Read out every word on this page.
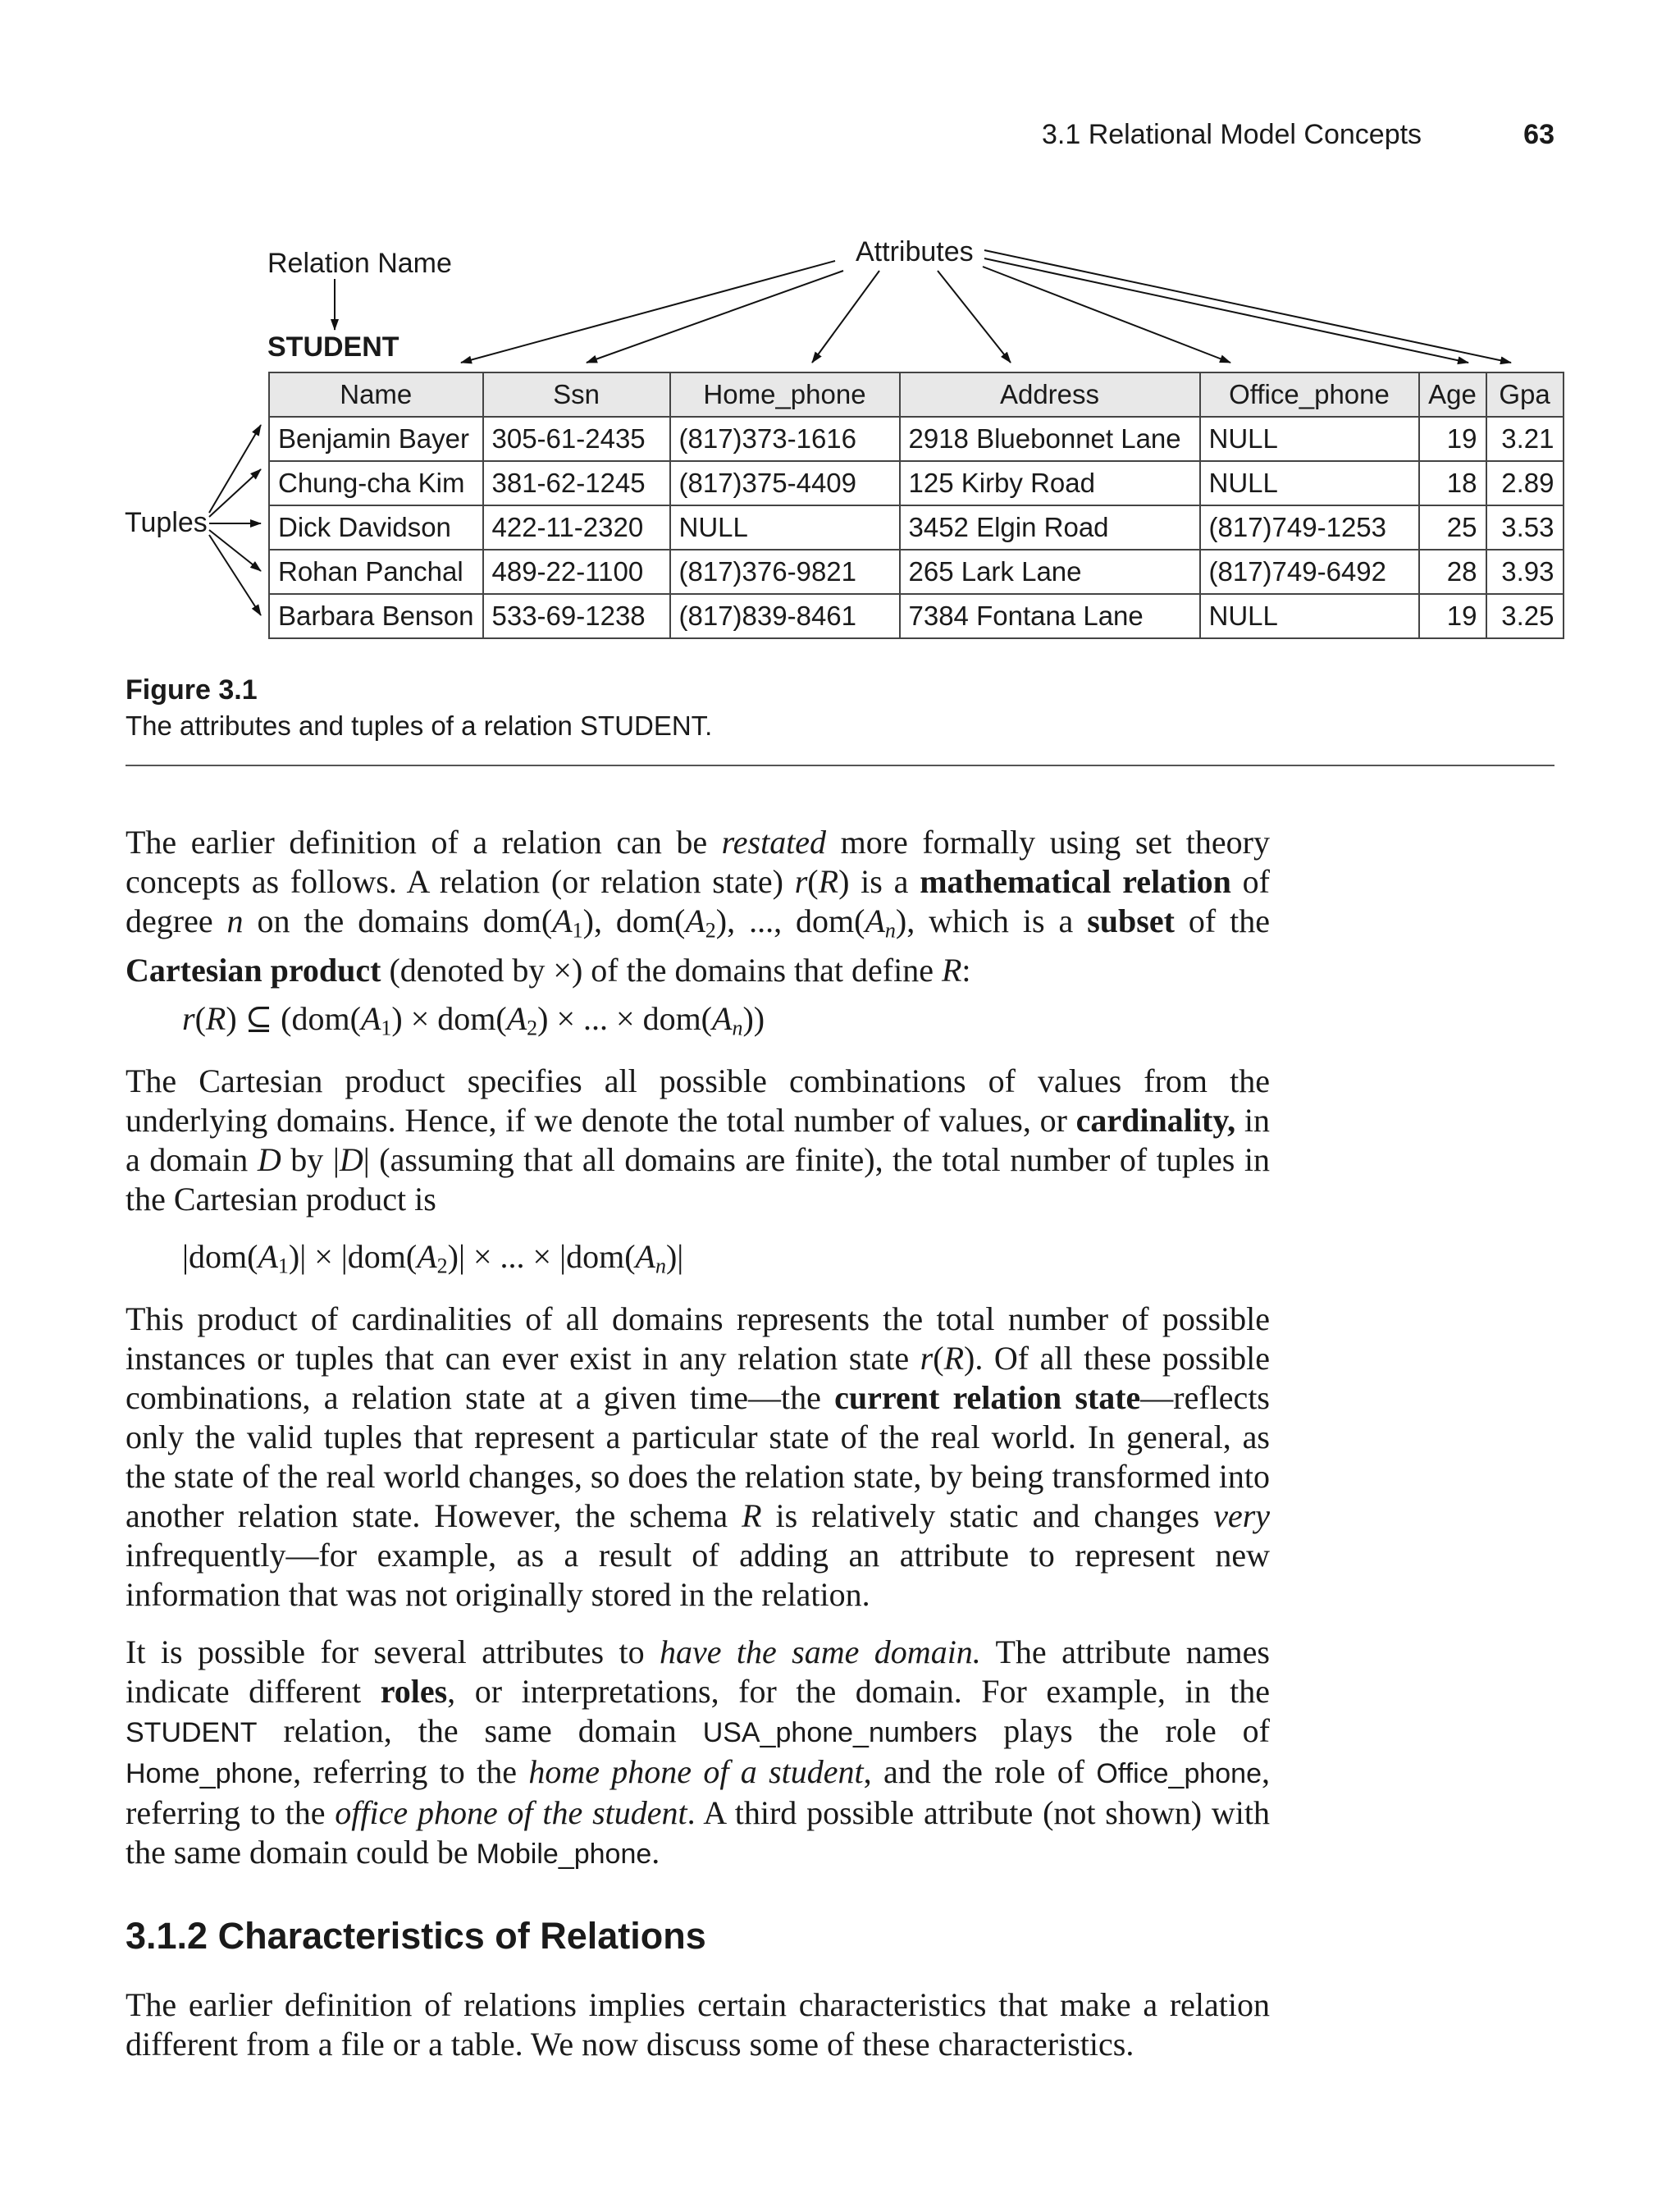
3.1 Relational Model Concepts	63
Relation Name
STUDENT
Attributes
Tuples
Name	Ssn	Home_phone	Address	Office_phone	Age	Gpa
Benjamin Bayer	305-61-2435	(817)373-1616	2918 Bluebonnet Lane	NULL	19	3.21
Chung-cha Kim	381-62-1245	(817)375-4409	125 Kirby Road	NULL	18	2.89
Dick Davidson	422-11-2320	NULL	3452 Elgin Road	(817)749-1253	25	3.53
Rohan Panchal	489-22-1100	(817)376-9821	265 Lark Lane	(817)749-6492	28	3.93
Barbara Benson	533-69-1238	(817)839-8461	7384 Fontana Lane	NULL	19	3.25
Figure 3.1
The attributes and tuples of a relation STUDENT.

The earlier definition of a relation can be restated more formally using set theory concepts as follows. A relation (or relation state) r(R) is a mathematical relation of degree n on the domains $dom(A_1)$, $dom(A_2)$, ..., $dom(A_n)$, which is a subset of the Cartesian product (denoted by ×) of the domains that define R:

r(R) ⊆ ($dom(A_1) \times dom(A_2)$ × ... × $dom(A_n)$)

The Cartesian product specifies all possible combinations of values from the underlying domains. Hence, if we denote the total number of values, or cardinality, in a domain D by |D| (assuming that all domains are finite), the total number of tuples in the Cartesian product is

$|dom(A_1)| \times |dom(A_2)|$ × ... × $|dom(A_n)|$

This product of cardinalities of all domains represents the total number of possible instances or tuples that can ever exist in any relation state r(R). Of all these possible combinations, a relation state at a given time—the current relation state—reflects only the valid tuples that represent a particular state of the real world. In general, as the state of the real world changes, so does the relation state, by being transformed into another relation state. However, the schema R is relatively static and changes very infrequently—for example, as a result of adding an attribute to represent new information that was not originally stored in the relation.

It is possible for several attributes to have the same domain. The attribute names indicate different roles, or interpretations, for the domain. For example, in the STUDENT relation, the same domain USA_phone_numbers plays the role of Home_phone, referring to the home phone of a student, and the role of Office_phone, referring to the office phone of the student. A third possible attribute (not shown) with the same domain could be Mobile_phone.

3.1.2 Characteristics of Relations

The earlier definition of relations implies certain characteristics that make a relation different from a file or a table. We now discuss some of these characteristics.
